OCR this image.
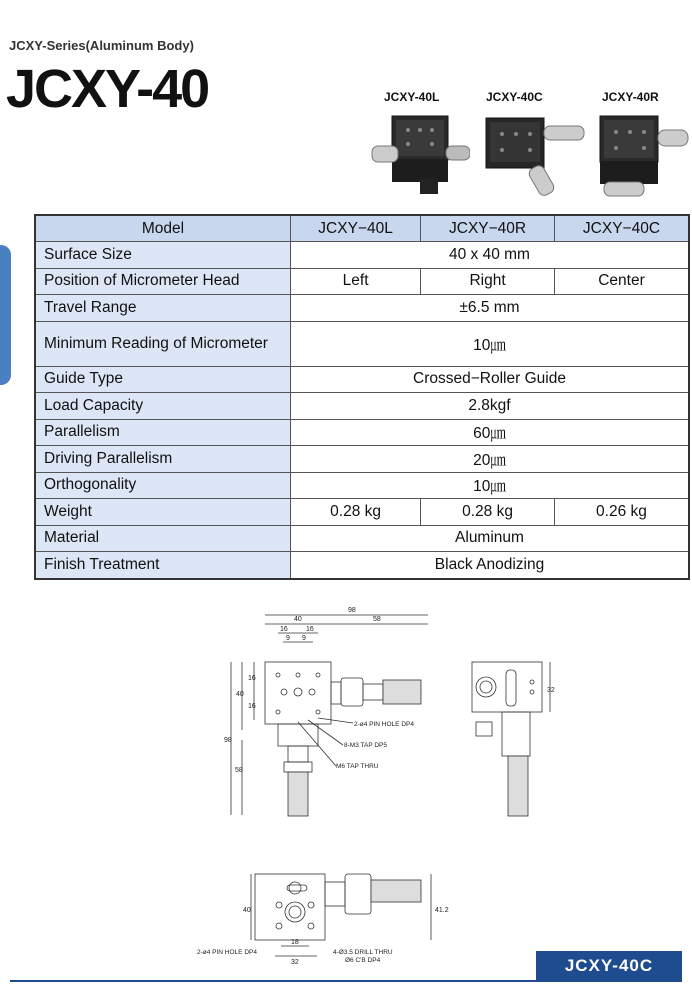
JCXY-Series(Aluminum Body)
JCXY-40	JCXY-40L	JCXY-40C	JCXY-40R
Model	JCXY−40L	JCXY−40R	JCXY−40C
Surface Size	40 x 40 mm		
Position of Micrometer Head	Left	Right	Center
Travel Range	±6.5 mm		
Minimum Reading of Micrometer	10㎛		
Guide Type	Crossed−Roller Guide		
Load Capacity	2.8kgf		
Parallelism	60㎛		
Driving Parallelism	20㎛		
Orthogonality	10㎛		
Weight	0.28 kg	0.28 kg	0.26 kg
Material	Aluminum		
Finish Treatment	Black Anodizing		
98
40	58
16	16
9 9
40
16
16
98
58
2-ø4 PIN HOLE DP4
8-M3 TAP DP5
M6 TAP THRU
32
40	41.2
18
32
2-ø4 PIN HOLE DP4	4-Ø3.5 DRILL THRU
Ø6 C'B DP4	JCXY-40C
